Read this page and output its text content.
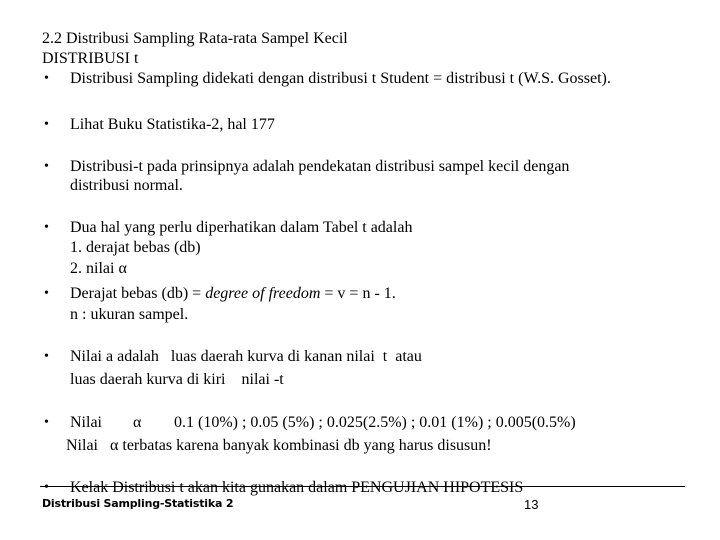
2.2 Distribusi Sampling Rata-rata Sampel Kecil
DISTRIBUSI t
• Distribusi Sampling didekati dengan distribusi t Student = distribusi t (W.S. Gosset).
• Lihat Buku Statistika-2, hal 177
• Distribusi-t pada prinsipnya adalah pendekatan distribusi sampel kecil dengan
distribusi normal.
• Dua hal yang perlu diperhatikan dalam Tabel t adalah
1. derajat bebas (db)
2. nilai α
• Derajat bebas (db) = degree of freedom = v = n - 1.
n : ukuran sampel.
• Nilai a adalah   luas daerah kurva di kanan nilai  t  atau
luas daerah kurva di kiri    nilai -t
• Nilai α 0.1 (10%) ; 0.05 (5%) ; 0.025(2.5%) ; 0.01 (1%) ; 0.005(0.5%)
Nilai   α terbatas karena banyak kombinasi db yang harus disusun!
• Kelak Distribusi t akan kita gunakan dalam PENGUJIAN HIPOTESIS
Distribusi Sampling-Statistika 2	13
